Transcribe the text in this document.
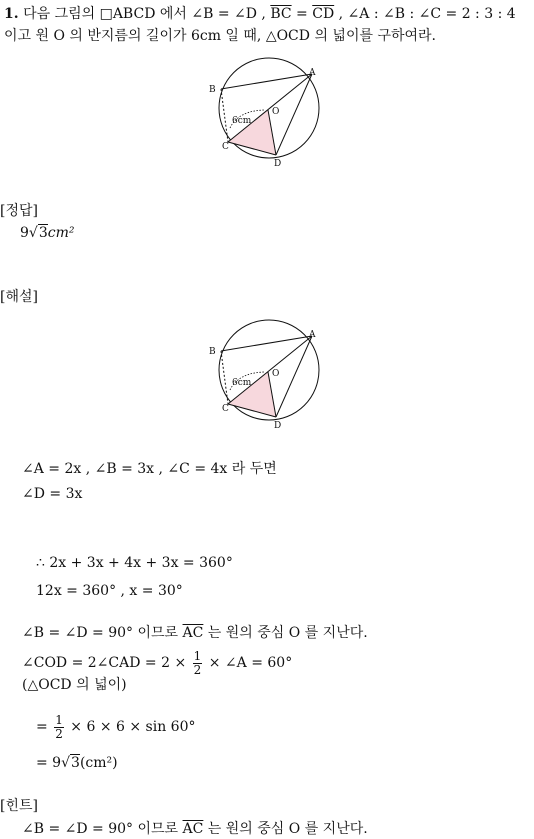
1. 다음 그림의 □ABCD 에서 ∠B = ∠D , $\overline{BC} = \overline{CD}$ , ∠A : ∠B : ∠C = 2 : 3 : 4
이고 원 O 의 반지름의 길이가 6cm 일 때, △OCD 의 넓이를 구하여라.
B
A
O
C
D
6cm
[정답]
9√3cm²
[해설]
B
A
O
C
D
6cm
∠A = 2x , ∠B = 3x , ∠C = 4x 라 두면
∠D = 3x
∴ 2x + 3x + 4x + 3x = 360°
12x = 360° , x = 30°
∠B = ∠D = 90° 이므로 $\overline{AC}$ 는 원의 중심 O 를 지난다.
∠COD = 2∠CAD = $2 \times \frac{1}{2}$ × ∠A = 60°
(△OCD 의 넓이)
= $\frac{1}{2} \times 6 \times 6 \times \sin 60^\circ$
= 9√3(cm²)
[힌트]
∠B = ∠D = 90° 이므로 $\overline{AC}$ 는 원의 중심 O 를 지난다.
